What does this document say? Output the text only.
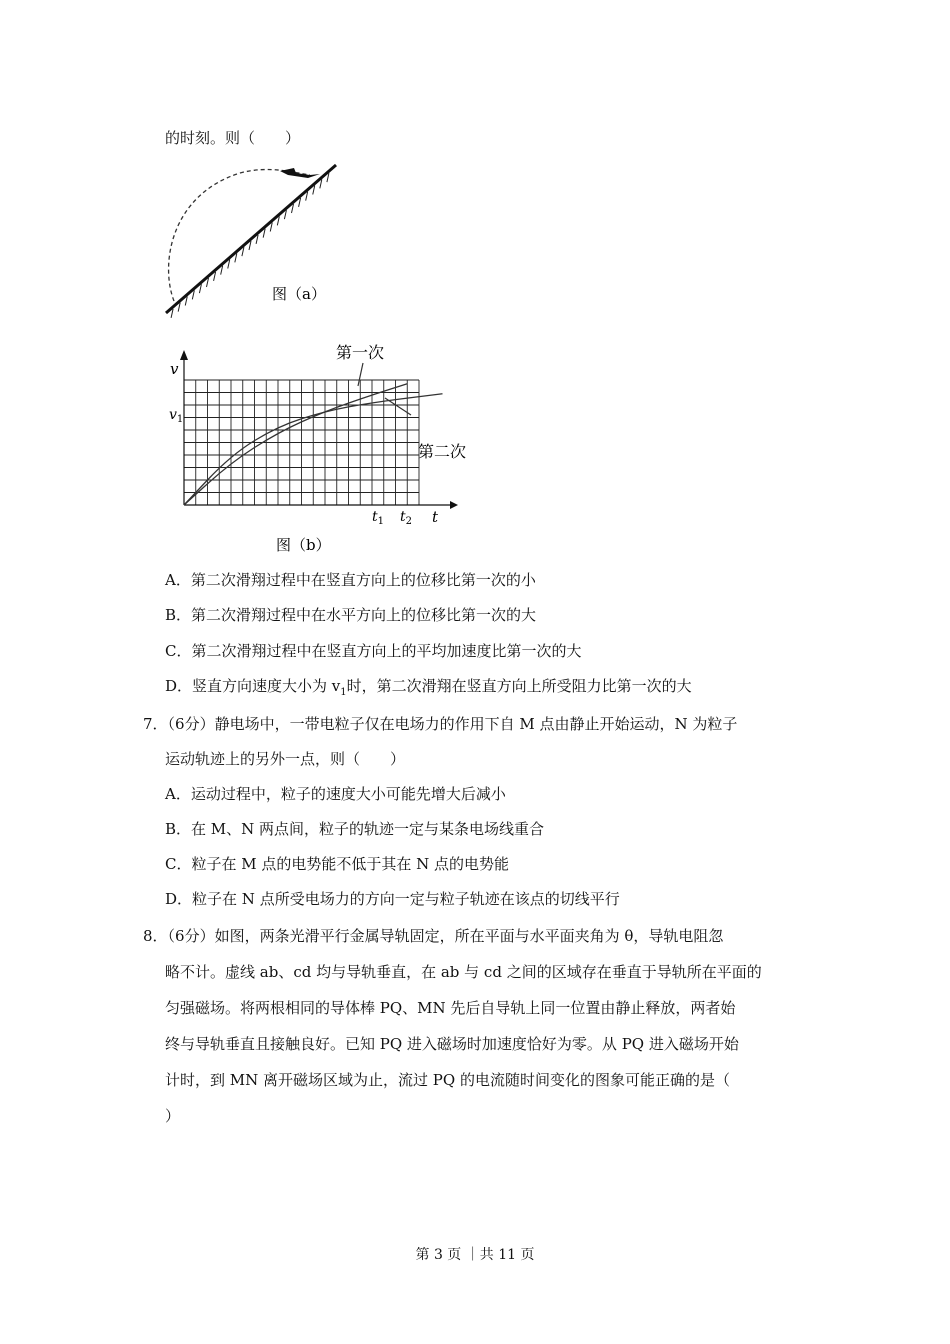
的时刻。则（　　）
图（a）
第一次
第二次
v
$v_1$
$t_1$ $t_2$ t
图（b）
A．第二次滑翔过程中在竖直方向上的位移比第一次的小
B．第二次滑翔过程中在水平方向上的位移比第一次的大
C．第二次滑翔过程中在竖直方向上的平均加速度比第一次的大
D．竖直方向速度大小为 $v_1$时，第二次滑翔在竖直方向上所受阻力比第一次的大
7．（6分）静电场中，一带电粒子仅在电场力的作用下自 M 点由静止开始运动，N 为粒子
运动轨迹上的另外一点，则（　　）
A．运动过程中，粒子的速度大小可能先增大后减小
B．在 M、N 两点间，粒子的轨迹一定与某条电场线重合
C．粒子在 M 点的电势能不低于其在 N 点的电势能
D．粒子在 N 点所受电场力的方向一定与粒子轨迹在该点的切线平行
8．（6分）如图，两条光滑平行金属导轨固定，所在平面与水平面夹角为 θ，导轨电阻忽
略不计。虚线 ab、cd 均与导轨垂直，在 ab 与 cd 之间的区域存在垂直于导轨所在平面的
匀强磁场。将两根相同的导体棒 PQ、MN 先后自导轨上同一位置由静止释放，两者始
终与导轨垂直且接触良好。已知 PQ 进入磁场时加速度恰好为零。从 PQ 进入磁场开始
计时，到 MN 离开磁场区域为止，流过 PQ 的电流随时间变化的图象可能正确的是（
）
第 3 页 ｜共 11 页
